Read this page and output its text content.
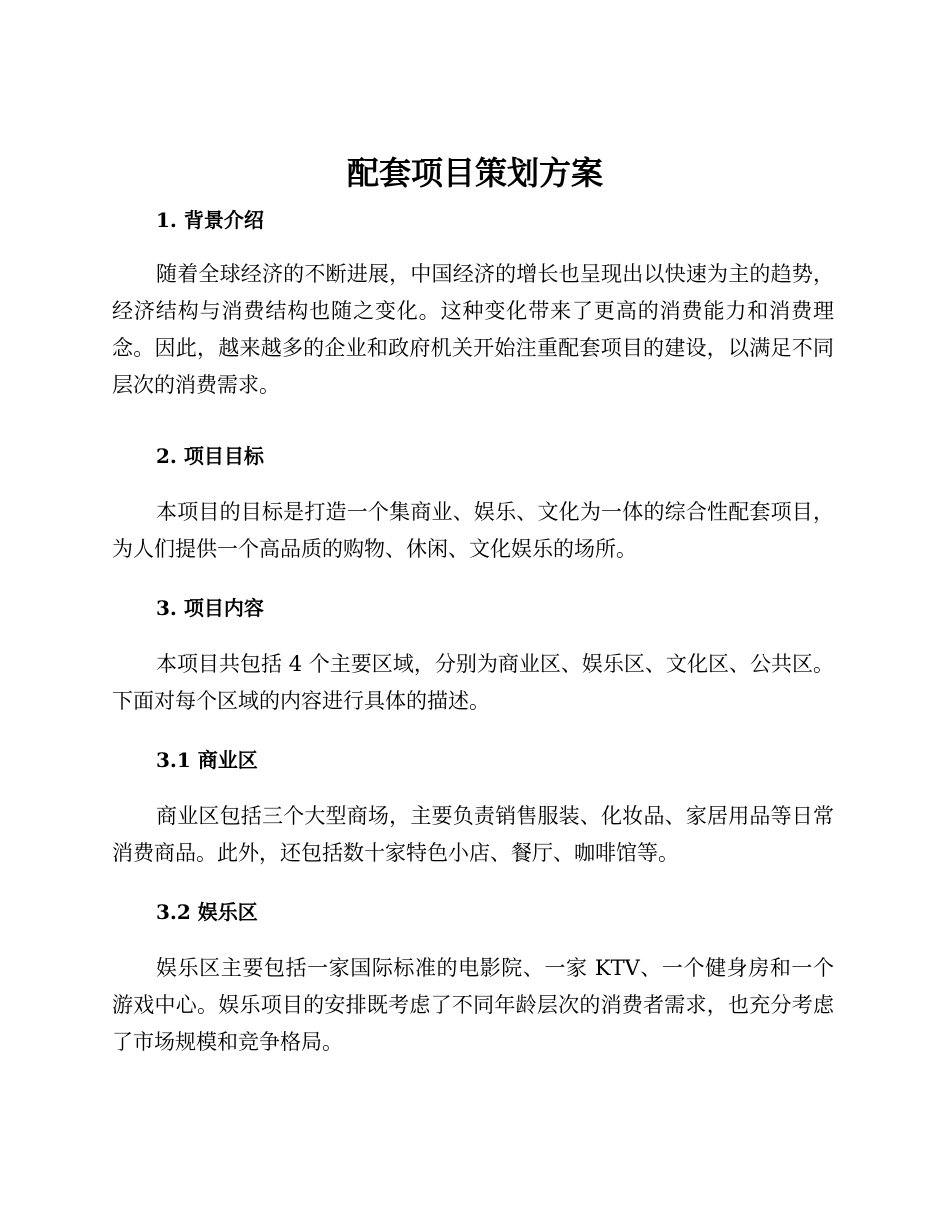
配套项目策划方案
1. 背景介绍

随着全球经济的不断进展，中国经济的增长也呈现出以快速为主的趋势，经济结构与消费结构也随之变化。这种变化带来了更高的消费能力和消费理念。因此，越来越多的企业和政府机关开始注重配套项目的建设，以满足不同层次的消费需求。

2. 项目目标

本项目的目标是打造一个集商业、娱乐、文化为一体的综合性配套项目，为人们提供一个高品质的购物、休闲、文化娱乐的场所。

3. 项目内容

本项目共包括 4 个主要区域，分别为商业区、娱乐区、文化区、公共区。下面对每个区域的内容进行具体的描述。

3.1 商业区

商业区包括三个大型商场，主要负责销售服装、化妆品、家居用品等日常消费商品。此外，还包括数十家特色小店、餐厅、咖啡馆等。

3.2 娱乐区

娱乐区主要包括一家国际标准的电影院、一家 KTV、一个健身房和一个游戏中心。娱乐项目的安排既考虑了不同年龄层次的消费者需求，也充分考虑了市场规模和竞争格局。
